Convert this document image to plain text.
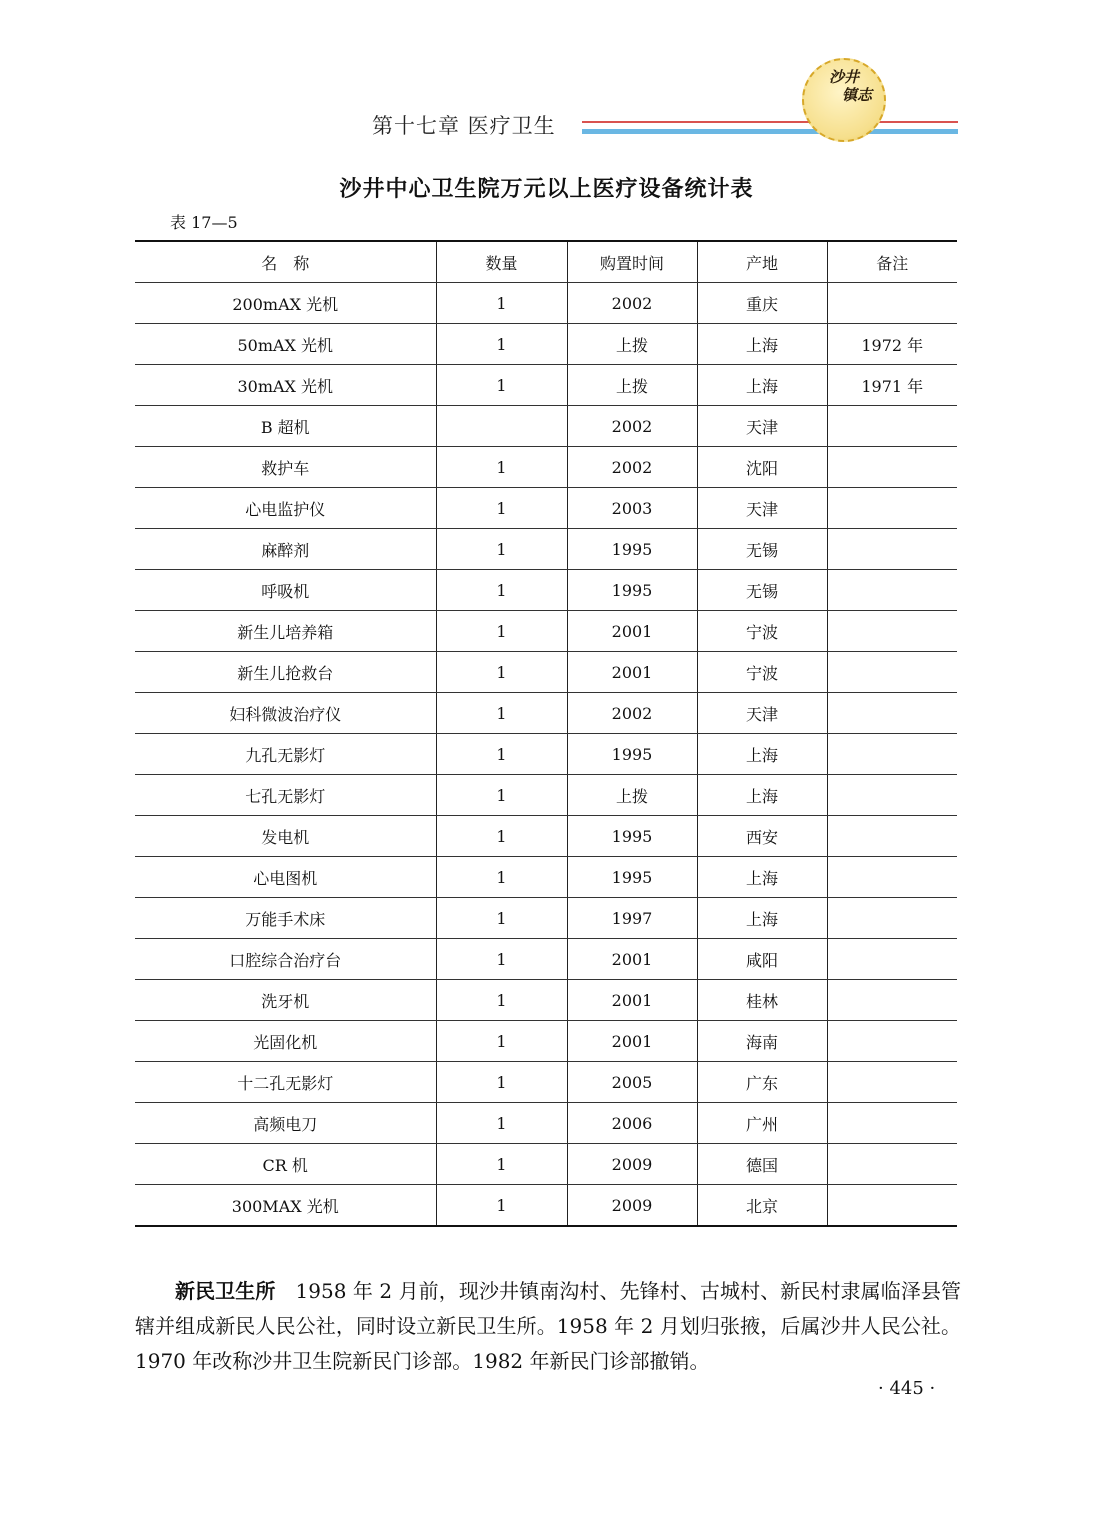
第十七章 医疗卫生
沙井
镇志
沙井中心卫生院万元以上医疗设备统计表
表 17—5
名　称	数量	购置时间	产地	备注
200mAX 光机	1	2002	重庆	
50mAX 光机	1	上拨	上海	1972 年
30mAX 光机	1	上拨	上海	1971 年
B 超机		2002	天津	
救护车	1	2002	沈阳	
心电监护仪	1	2003	天津	
麻醉剂	1	1995	无锡	
呼吸机	1	1995	无锡	
新生儿培养箱	1	2001	宁波	
新生儿抢救台	1	2001	宁波	
妇科微波治疗仪	1	2002	天津	
九孔无影灯	1	1995	上海	
七孔无影灯	1	上拨	上海	
发电机	1	1995	西安	
心电图机	1	1995	上海	
万能手术床	1	1997	上海	
口腔综合治疗台	1	2001	咸阳	
洗牙机	1	2001	桂林	
光固化机	1	2001	海南	
十二孔无影灯	1	2005	广东	
高频电刀	1	2006	广州	
CR 机	1	2009	德国	
300MAX 光机	1	2009	北京	
新民卫生所　1958 年 2 月前，现沙井镇南沟村、先锋村、古城村、新民村隶属临泽县管辖并组成新民人民公社，同时设立新民卫生所。1958 年 2 月划归张掖，后属沙井人民公社。1970 年改称沙井卫生院新民门诊部。1982 年新民门诊部撤销。
· 445 ·
